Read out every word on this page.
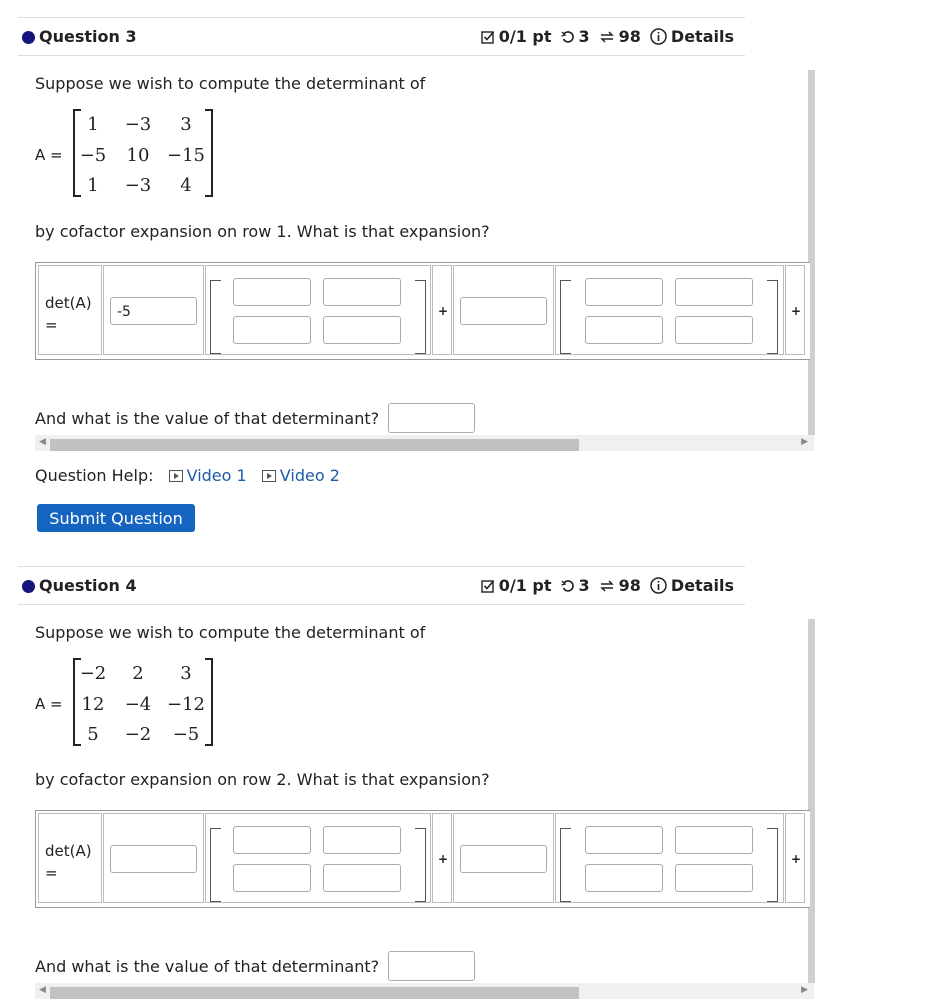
Question 3	0/1 pt 3 98 Details
Suppose we wish to compute the determinant of
A =
1	−3	3
−5	10 −15
1	−3	4
by cofactor expansion on row 1. What is that expansion?
det(A)
=
-5	+	+
And what is the value of that determinant?
◀	▶
Question Help: Video 1 Video 2
Submit Question
Question 4	0/1 pt 3 98 Details
Suppose we wish to compute the determinant of
A =
−2	2	3
12	−4 −12
5	−2	−5
by cofactor expansion on row 2. What is that expansion?
det(A)
=
+	+
And what is the value of that determinant?
◀	▶
